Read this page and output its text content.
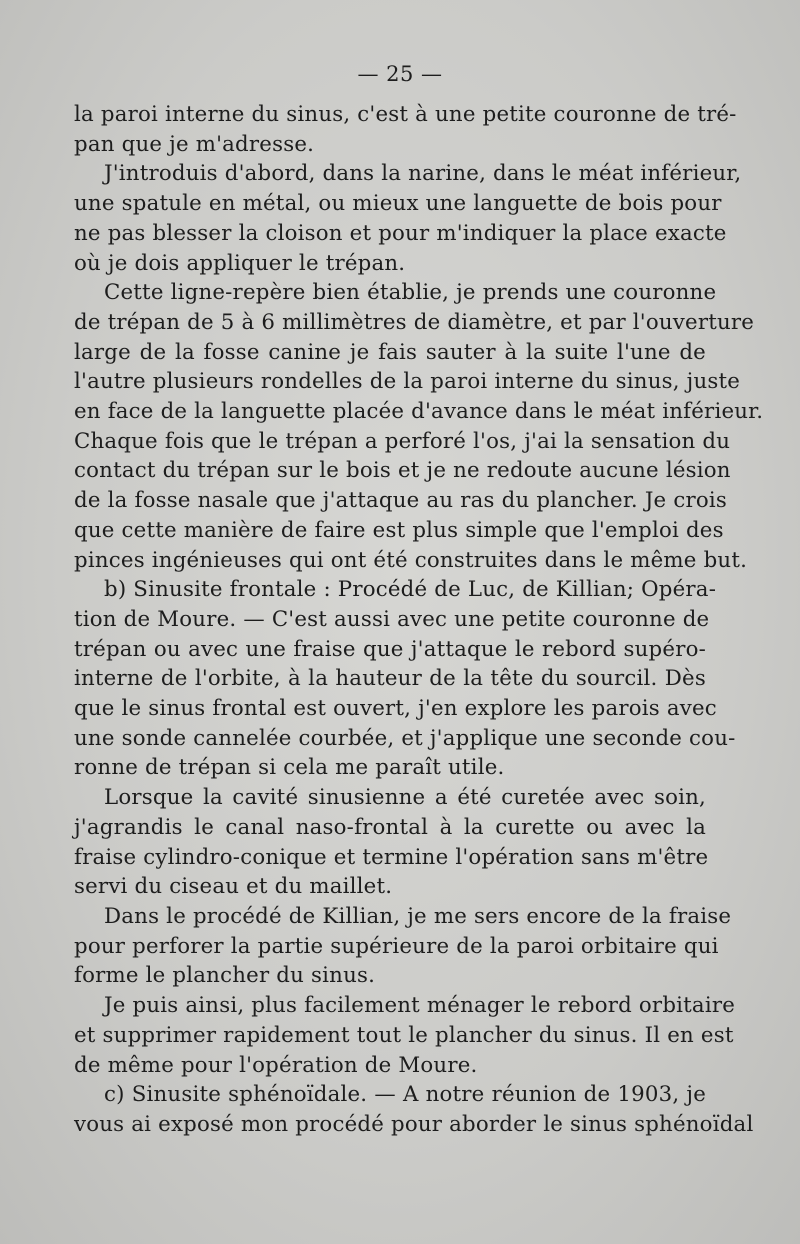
— 25 —

la paroi interne du sinus, c'est à une petite couronne de tré-
pan que je m'adresse.

J'introduis d'abord, dans la narine, dans le méat inférieur,
une spatule en métal, ou mieux une languette de bois pour
ne pas blesser la cloison et pour m'indiquer la place exacte
où je dois appliquer le trépan.

Cette ligne-repère bien établie, je prends une couronne
de trépan de 5 à 6 millimètres de diamètre, et par l'ouverture
large de la fosse canine je fais sauter à la suite l'une de
l'autre plusieurs rondelles de la paroi interne du sinus, juste
en face de la languette placée d'avance dans le méat inférieur.
Chaque fois que le trépan a perforé l'os, j'ai la sensation du
contact du trépan sur le bois et je ne redoute aucune lésion
de la fosse nasale que j'attaque au ras du plancher. Je crois
que cette manière de faire est plus simple que l'emploi des
pinces ingénieuses qui ont été construites dans le même but.

b) Sinusite frontale : Procédé de Luc, de Killian; Opéra-
tion de Moure. — C'est aussi avec une petite couronne de
trépan ou avec une fraise que j'attaque le rebord supéro-
interne de l'orbite, à la hauteur de la tête du sourcil. Dès
que le sinus frontal est ouvert, j'en explore les parois avec
une sonde cannelée courbée, et j'applique une seconde cou-
ronne de trépan si cela me paraît utile.

Lorsque la cavité sinusienne a été curetée avec soin,
j'agrandis le canal naso-frontal à la curette ou avec la
fraise cylindro-conique et termine l'opération sans m'être
servi du ciseau et du maillet.

Dans le procédé de Killian, je me sers encore de la fraise
pour perforer la partie supérieure de la paroi orbitaire qui
forme le plancher du sinus.

Je puis ainsi, plus facilement ménager le rebord orbitaire
et supprimer rapidement tout le plancher du sinus. Il en est
de même pour l'opération de Moure.

c) Sinusite sphénoïdale. — A notre réunion de 1903, je
vous ai exposé mon procédé pour aborder le sinus sphénoïdal
